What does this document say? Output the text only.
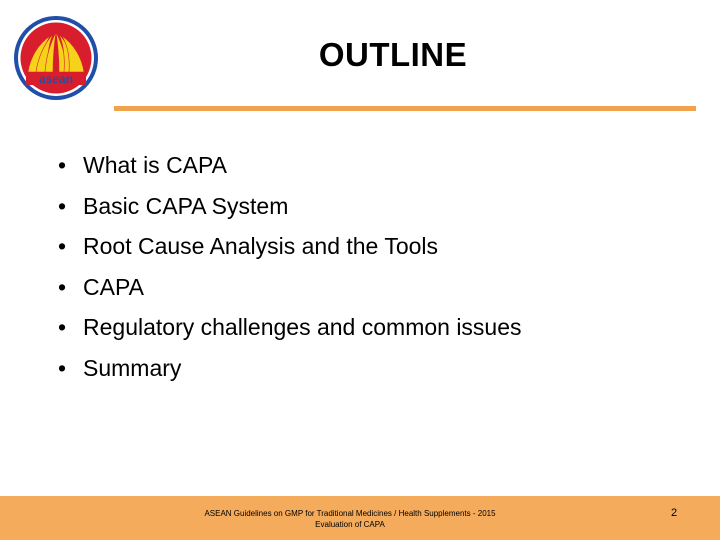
asean
OUTLINE
• What is CAPA
• Basic CAPA System
• Root Cause Analysis and the Tools
• CAPA
• Regulatory challenges and common issues
• Summary
ASEAN Guidelines on GMP for Traditional Medicines / Health Supplements - 2015
Evaluation of CAPA
2
